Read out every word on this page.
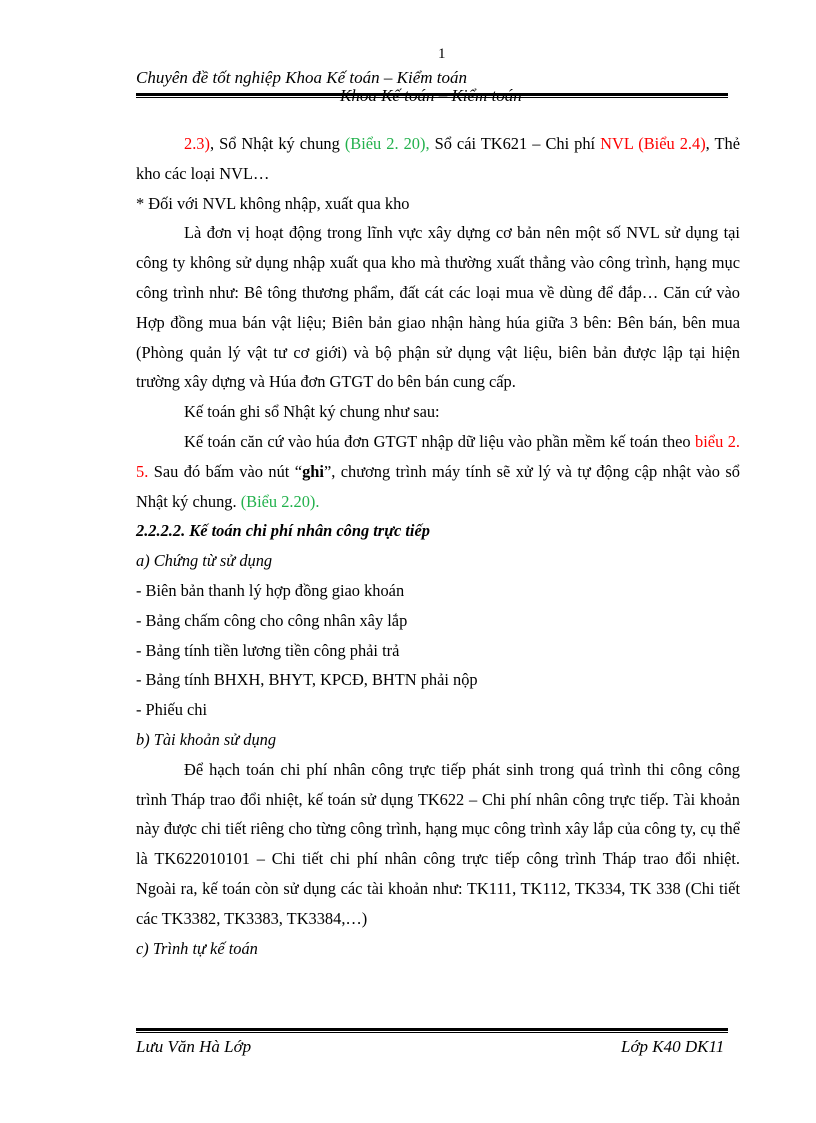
1
Chuyên đề tốt nghiệp Khoa Kế toán – Kiểm toán
Khoa Kế toán – Kiểm toán

2.3), Sổ Nhật ký chung (Biểu 2. 20), Sổ cái TK621 – Chi phí NVL (Biểu 2.4), Thẻ kho các loại NVL…

* Đối với NVL không nhập, xuất qua kho

Là đơn vị hoạt động trong lĩnh vực xây dựng cơ bản nên một số NVL sử dụng tại công ty không sử dụng nhập xuất qua kho mà thường xuất thẳng vào công trình, hạng mục công trình như: Bê tông thương phẩm, đất cát các loại mua về dùng để đắp… Căn cứ vào Hợp đồng mua bán vật liệu; Biên bản giao nhận hàng húa giữa 3 bên: Bên bán, bên mua (Phòng quản lý vật tư cơ giới) và bộ phận sử dụng vật liệu, biên bản được lập tại hiện trường xây dựng và Húa đơn GTGT do bên bán cung cấp.

Kế toán ghi sổ Nhật ký chung như sau:

Kế toán căn cứ vào húa đơn GTGT nhập dữ liệu vào phần mềm kế toán theo biểu 2. 5. Sau đó bấm vào nút “ghi”, chương trình máy tính sẽ xử lý và tự động cập nhật vào sổ Nhật ký chung. (Biểu 2.20).

2.2.2.2. Kế toán chi phí nhân công trực tiếp

a) Chứng từ sử dụng

- Biên bản thanh lý hợp đồng giao khoán

- Bảng chấm công cho công nhân xây lắp

- Bảng tính tiền lương tiền công phải trả

- Bảng tính BHXH, BHYT, KPCĐ, BHTN phải nộp

- Phiếu chi

b) Tài khoản sử dụng

Để hạch toán chi phí nhân công trực tiếp phát sinh trong quá trình thi công công trình Tháp trao đổi nhiệt, kế toán sử dụng TK622 – Chi phí nhân công trực tiếp. Tài khoản này được chi tiết riêng cho từng công trình, hạng mục công trình xây lắp của công ty, cụ thể là TK622010101 – Chi tiết chi phí nhân công trực tiếp công trình Tháp trao đổi nhiệt. Ngoài ra, kế toán còn sử dụng các tài khoản như: TK111, TK112, TK334, TK 338 (Chi tiết các TK3382, TK3383, TK3384,…)

c) Trình tự kế toán

Lưu Văn Hà Lớp	Lớp K40 DK11
